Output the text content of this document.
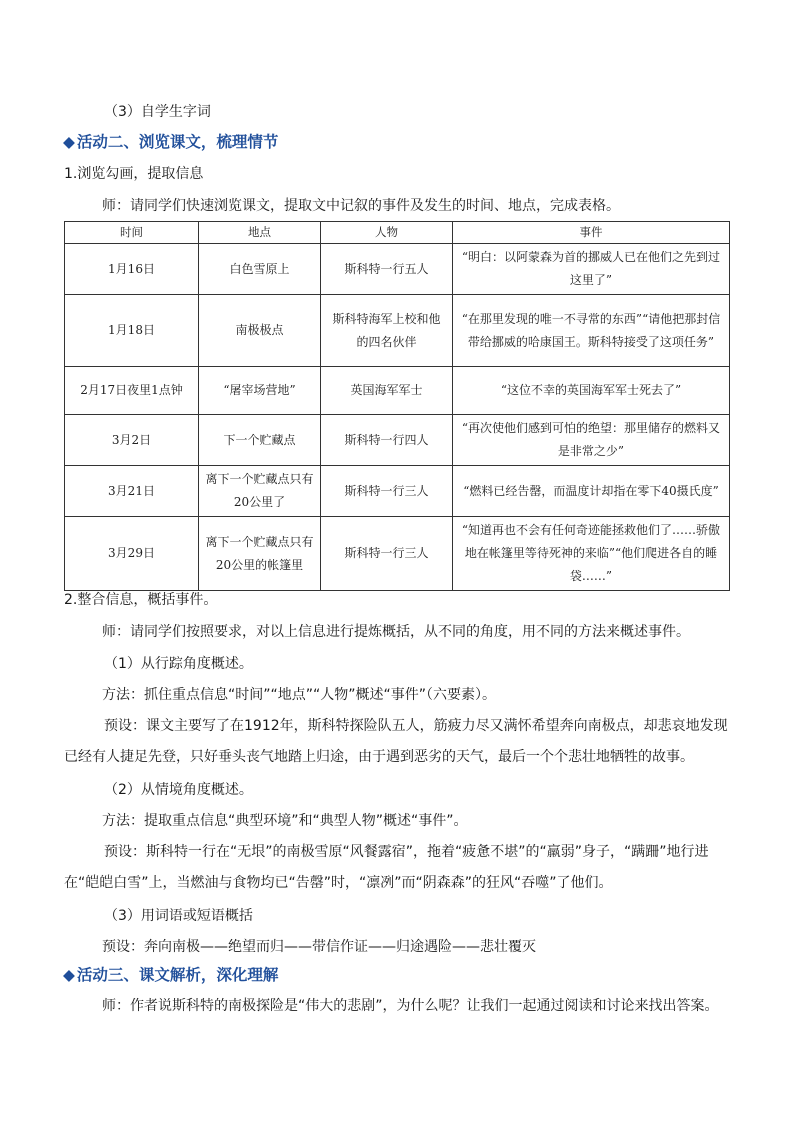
（3）自学生字词
◆ 活动二、浏览课文，梳理情节
1.浏览勾画，提取信息
师：请同学们快速浏览课文，提取文中记叙的事件及发生的时间、地点，完成表格。
时间	地点	人物	事件
1月16日	白色雪原上	斯科特一行五人	“明白：以阿蒙森为首的挪威人已在他们之先到过这里了”
1月18日	南极极点	斯科特海军上校和他的四名伙伴	“在那里发现的唯一不寻常的东西”“请他把那封信带给挪威的哈康国王。斯科特接受了这项任务”
2月17日夜里1点钟	“屠宰场营地”	英国海军军士	“这位不幸的英国海军军士死去了”
3月2日	下一个贮藏点	斯科特一行四人	“再次使他们感到可怕的绝望：那里储存的燃料又是非常之少”
3月21日	离下一个贮藏点只有20公里了	斯科特一行三人	“燃料已经告罄，而温度计却指在零下40摄氏度”
3月29日	离下一个贮藏点只有20公里的帐篷里	斯科特一行三人	“知道再也不会有任何奇迹能拯救他们了……骄傲地在帐篷里等待死神的来临”“他们爬进各自的睡袋……”
2.整合信息，概括事件。
师：请同学们按照要求，对以上信息进行提炼概括，从不同的角度，用不同的方法来概述事件。
（1）从行踪角度概述。
方法：抓住重点信息“时间”“地点”“人物”概述“事件”（六要素）。
预设：课文主要写了在1912年，斯科特探险队五人，筋疲力尽又满怀希望奔向南极点，却悲哀地发现已经有人捷足先登，只好垂头丧气地踏上归途，由于遇到恶劣的天气，最后一个个悲壮地牺牲的故事。
（2）从情境角度概述。
方法：提取重点信息“典型环境”和“典型人物”概述“事件”。
预设：斯科特一行在“无垠”的南极雪原“风餐露宿”，拖着“疲惫不堪”的“羸弱”身子，“蹒跚”地行进在“皑皑白雪”上，当燃油与食物均已“告罄”时，“凛冽”而“阴森森”的狂风“吞噬”了他们。
（3）用词语或短语概括
预设：奔向南极——绝望而归——带信作证——归途遇险——悲壮覆灭
◆ 活动三、课文解析，深化理解
师：作者说斯科特的南极探险是“伟大的悲剧”，为什么呢？让我们一起通过阅读和讨论来找出答案。
